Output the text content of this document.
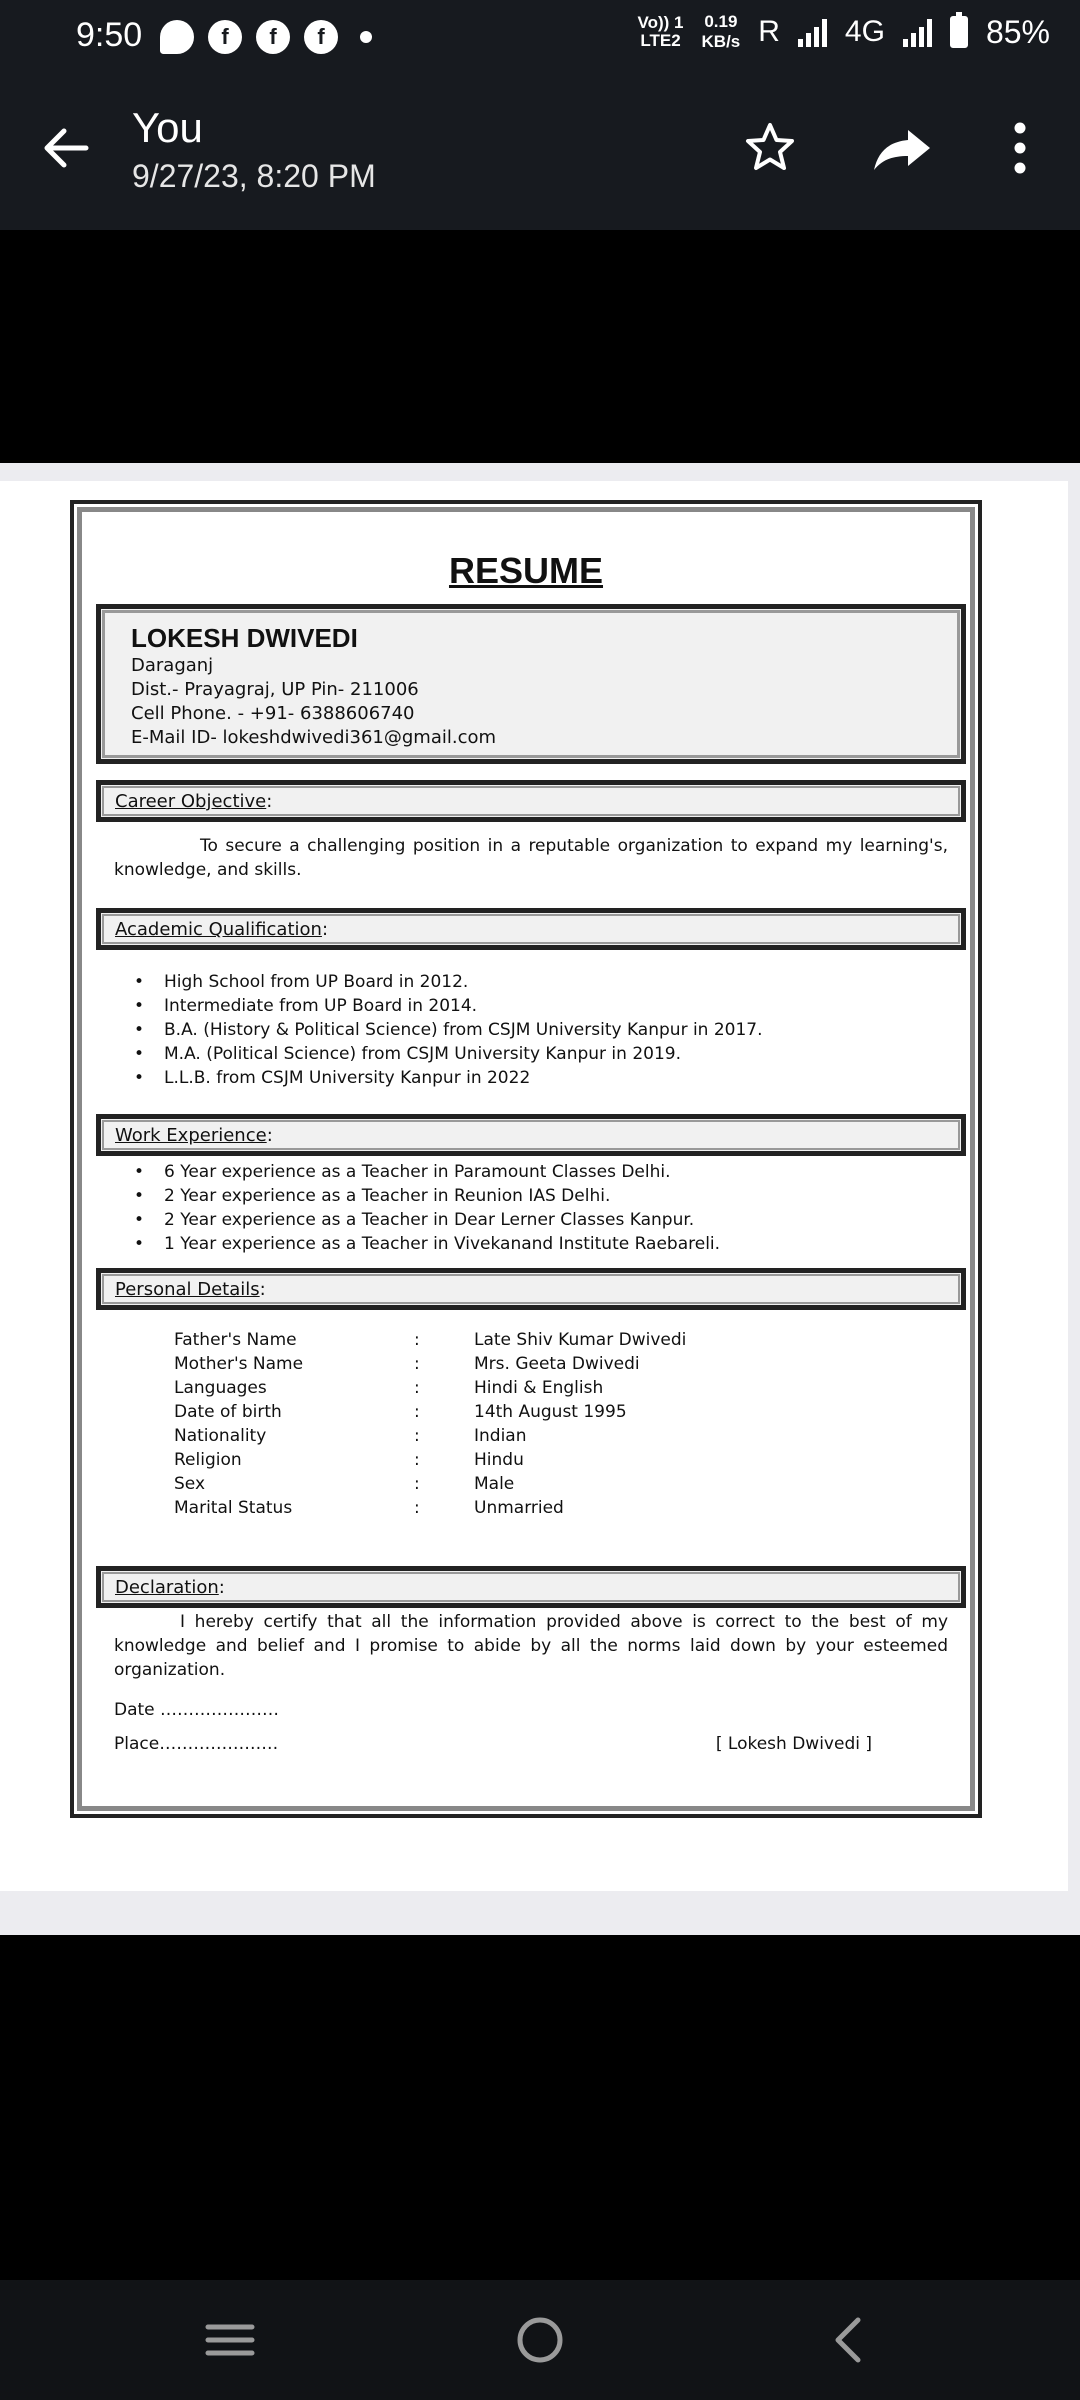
9:50	f	f	f
Vo)) 1
LTE2
0.19
KB/s R 4G	85%
You
9/27/23, 8:20 PM
RESUME
LOKESH DWIVEDI
Daraganj
Dist.- Prayagraj, UP Pin- 211006
Cell Phone. - +91- 6388606740
E-Mail ID- lokeshdwivedi361@gmail.com
Career Objective:
To secure a challenging position in a reputable organization to expand my learning's, knowledge, and skills.
Academic Qualification:
• High School from UP Board in 2012.
• Intermediate from UP Board in 2014.
• B.A. (History & Political Science) from CSJM University Kanpur in 2017.
• M.A. (Political Science) from CSJM University Kanpur in 2019.
• L.L.B. from CSJM University Kanpur in 2022
Work Experience:
• 6 Year experience as a Teacher in Paramount Classes Delhi.
• 2 Year experience as a Teacher in Reunion IAS Delhi.
• 2 Year experience as a Teacher in Dear Lerner Classes Kanpur.
• 1 Year experience as a Teacher in Vivekanand Institute Raebareli.
Personal Details:
Father's Name	:	Late Shiv Kumar Dwivedi
Mother's Name	:	Mrs. Geeta Dwivedi
Languages	:	Hindi & English
Date of birth	:	14th August 1995
Nationality	:	Indian
Religion	:	Hindu
Sex	:	Male
Marital Status	:	Unmarried
Declaration:
I hereby certify that all the information provided above is correct to the best of my knowledge and belief and I promise to abide by all the norms laid down by your esteemed organization.
Date …………………
Place…………………	[ Lokesh Dwivedi ]
